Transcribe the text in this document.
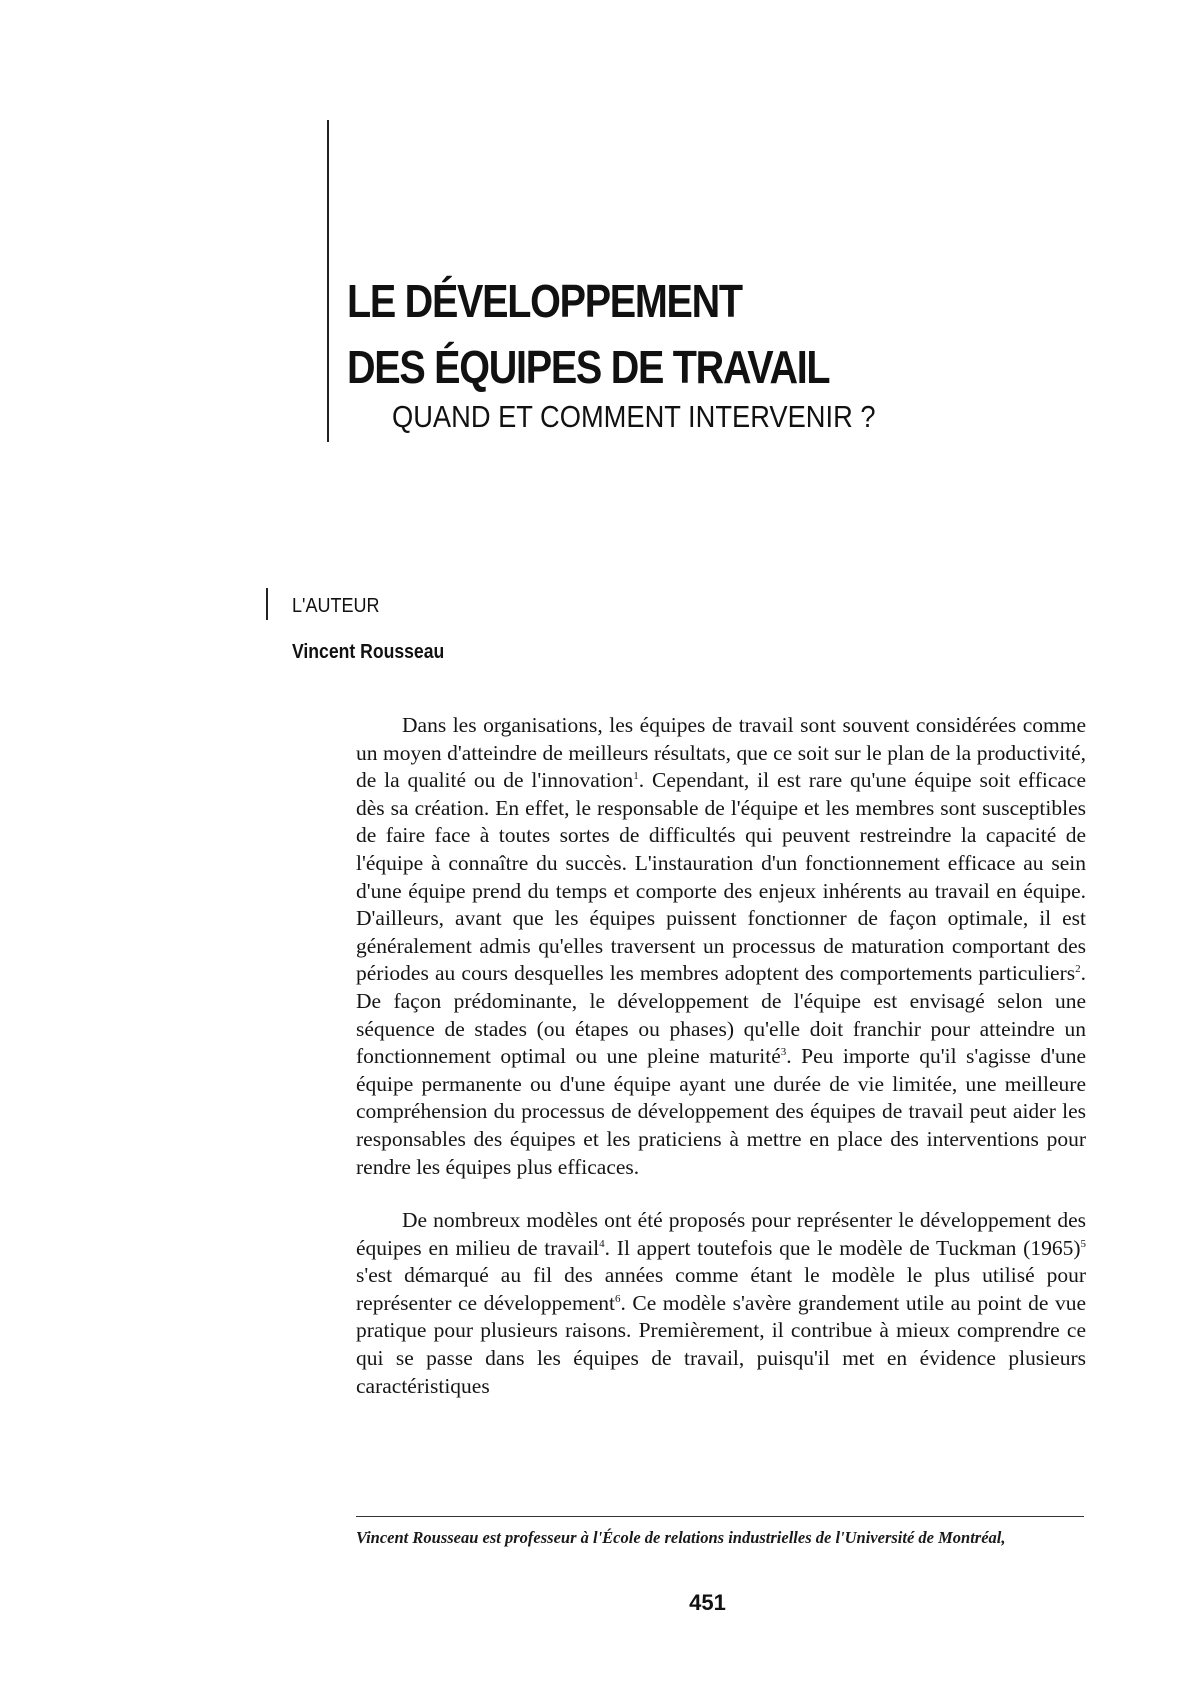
LE DÉVELOPPEMENT
DES ÉQUIPES DE TRAVAIL
QUAND ET COMMENT INTERVENIR ?
L'AUTEUR
Vincent Rousseau

Dans les organisations, les équipes de travail sont souvent considérées comme un moyen d'atteindre de meilleurs résultats, que ce soit sur le plan de la productivité, de la qualité ou de l'innovation$^1$. Cependant, il est rare qu'une équipe soit efficace dès sa création. En effet, le responsable de l'équipe et les membres sont susceptibles de faire face à toutes sortes de difficultés qui peuvent restreindre la capacité de l'équipe à connaître du succès. L'instauration d'un fonctionnement efficace au sein d'une équipe prend du temps et comporte des enjeux inhérents au travail en équipe. D'ailleurs, avant que les équipes puissent fonctionner de façon optimale, il est généralement admis qu'elles traversent un processus de maturation comportant des périodes au cours desquelles les membres adoptent des comportements particuliers$^2$. De façon prédominante, le développement de l'équipe est envisagé selon une séquence de stades (ou étapes ou phases) qu'elle doit franchir pour atteindre un fonctionnement optimal ou une pleine maturité$^3$. Peu importe qu'il s'agisse d'une équipe permanente ou d'une équipe ayant une durée de vie limitée, une meilleure compréhension du processus de développement des équipes de travail peut aider les responsables des équipes et les praticiens à mettre en place des interventions pour rendre les équipes plus efficaces.

De nombreux modèles ont été proposés pour représenter le développement des équipes en milieu de travail$^4$. Il appert toutefois que le modèle de Tuckman $(1965)^5$ s'est démarqué au fil des années comme étant le modèle le plus utilisé pour représenter ce développement$^6$. Ce modèle s'avère grandement utile au point de vue pratique pour plusieurs raisons. Premièrement, il contribue à mieux comprendre ce qui se passe dans les équipes de travail, puisqu'il met en évidence plusieurs caractéristiques

Vincent Rousseau est professeur à l'École de relations industrielles de l'Université de Montréal,
451
